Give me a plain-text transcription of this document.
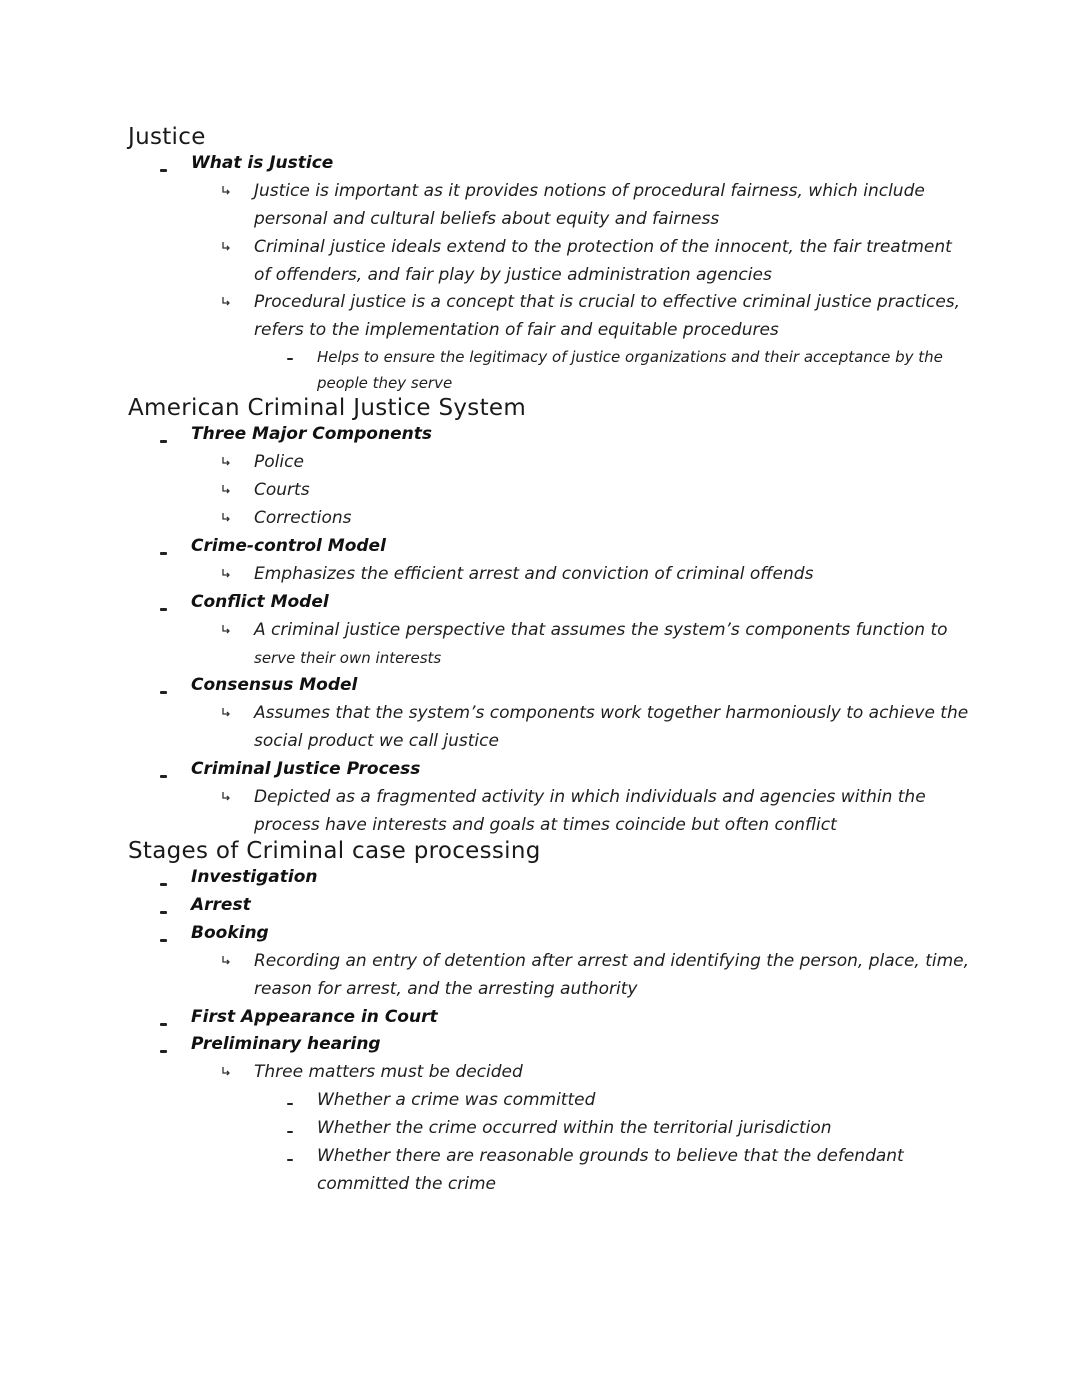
Justice
What is Justice
Justice is important as it provides notions of procedural fairness, which include
personal and cultural beliefs about equity and fairness
Criminal justice ideals extend to the protection of the innocent, the fair treatment
of offenders, and fair play by justice administration agencies
Procedural justice is a concept that is crucial to effective criminal justice practices,
refers to the implementation of fair and equitable procedures
Helps to ensure the legitimacy of justice organizations and their acceptance by the
people they serve
American Criminal Justice System
Three Major Components
Police
Courts
Corrections
Crime-control Model
Emphasizes the efficient arrest and conviction of criminal offends
Conflict Model
A criminal justice perspective that assumes the system’s components function to
serve their own interests
Consensus Model
Assumes that the system’s components work together harmoniously to achieve the
social product we call justice
Criminal Justice Process
Depicted as a fragmented activity in which individuals and agencies within the
process have interests and goals at times coincide but often conflict
Stages of Criminal case processing
Investigation
Arrest
Booking
Recording an entry of detention after arrest and identifying the person, place, time,
reason for arrest, and the arresting authority
First Appearance in Court
Preliminary hearing
Three matters must be decided
Whether a crime was committed
Whether the crime occurred within the territorial jurisdiction
Whether there are reasonable grounds to believe that the defendant
committed the crime
